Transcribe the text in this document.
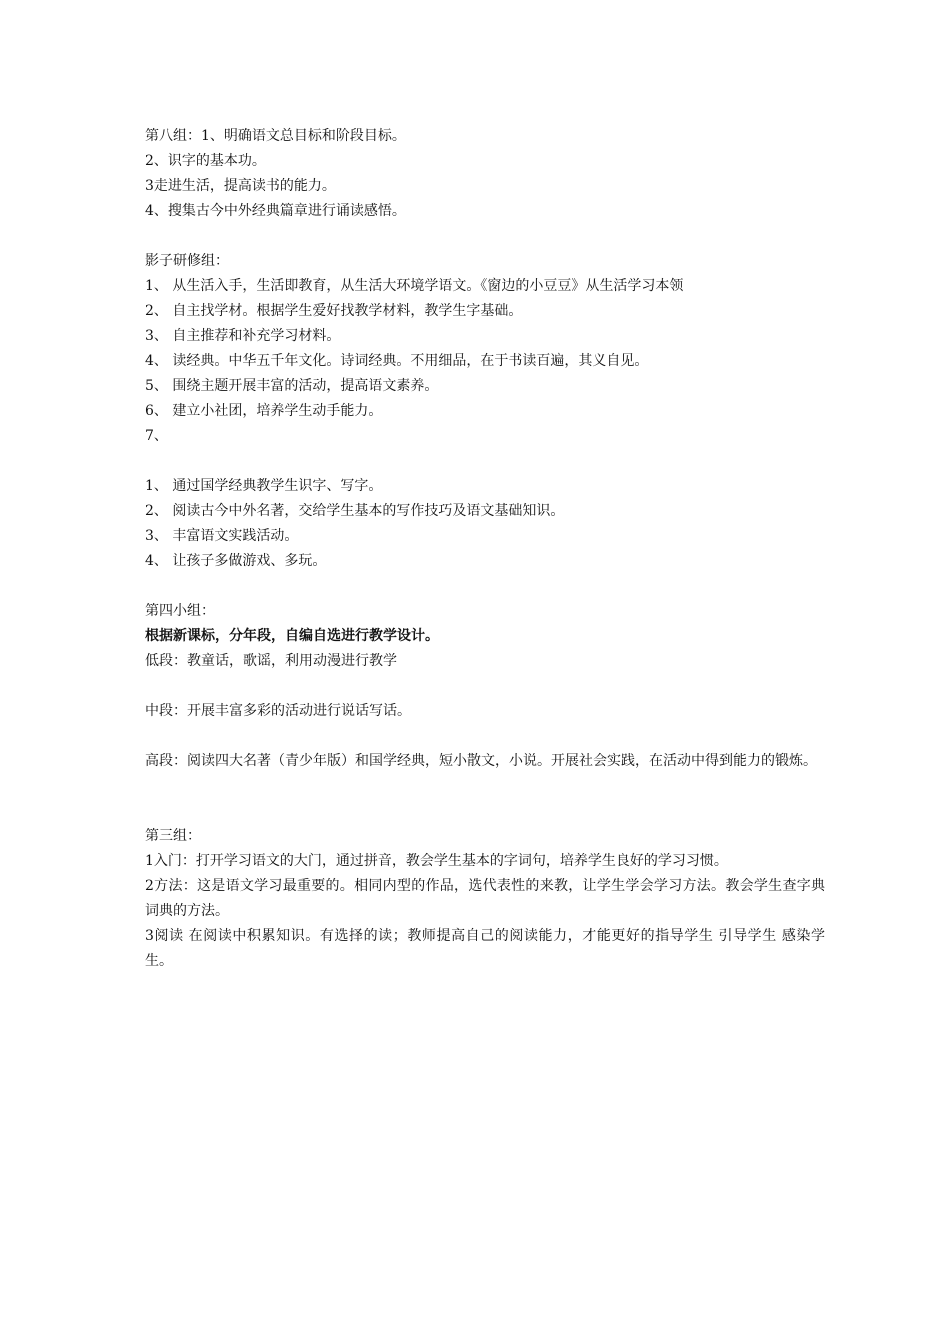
第八组：1、明确语文总目标和阶段目标。
2、识字的基本功。
3走进生活，提高读书的能力。
4、搜集古今中外经典篇章进行诵读感悟。
影子研修组：
1、 从生活入手，生活即教育，从生活大环境学语文。《窗边的小豆豆》从生活学习本领
2、 自主找学材。根据学生爱好找教学材料，教学生字基础。
3、 自主推荐和补充学习材料。
4、 读经典。中华五千年文化。诗词经典。不用细品，在于书读百遍，其义自见。
5、 围绕主题开展丰富的活动，提高语文素养。
6、 建立小社团，培养学生动手能力。
7、
1、 通过国学经典教学生识字、写字。
2、 阅读古今中外名著，交给学生基本的写作技巧及语文基础知识。
3、 丰富语文实践活动。
4、 让孩子多做游戏、多玩。
第四小组：
根据新课标，分年段，自编自选进行教学设计。
低段：教童话，歌谣，利用动漫进行教学
中段：开展丰富多彩的活动进行说话写话。
高段：阅读四大名著（青少年版）和国学经典，短小散文，小说。开展社会实践，在活动中得到能力的锻炼。
第三组：
1入门：打开学习语文的大门，通过拼音，教会学生基本的字词句，培养学生良好的学习习惯。
2方法：这是语文学习最重要的。相同内型的作品，选代表性的来教，让学生学会学习方法。教会学生查字典 词典的方法。
3阅读 在阅读中积累知识。有选择的读；教师提高自己的阅读能力，才能更好的指导学生 引导学生 感染学生。
